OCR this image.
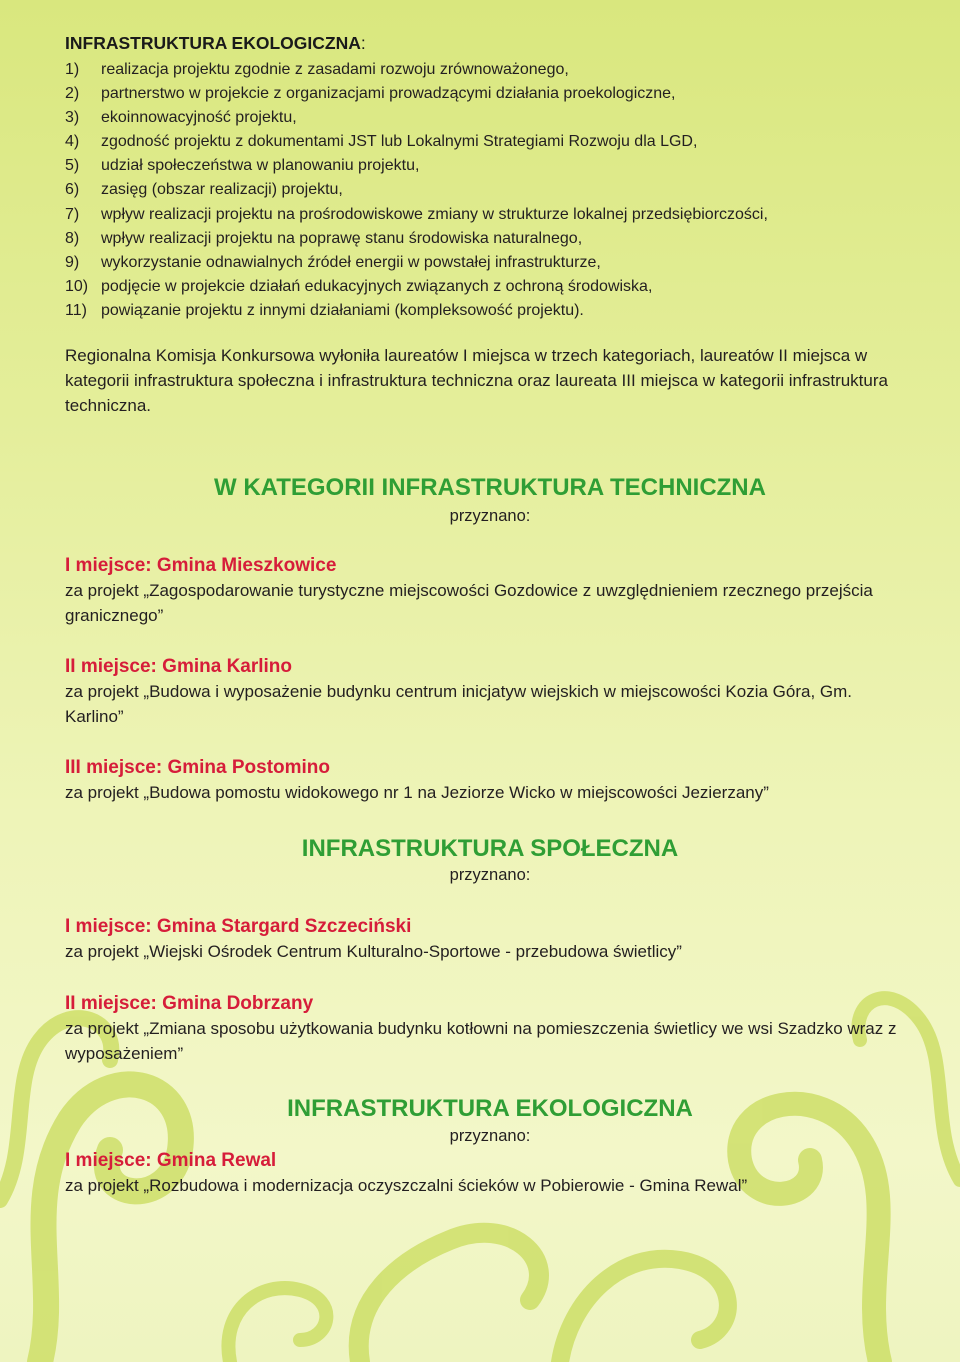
INFRASTRUKTURA EKOLOGICZNA:
1) realizacja projektu zgodnie z zasadami rozwoju zrównoważonego,
2) partnerstwo w projekcie z organizacjami prowadzącymi działania proekologiczne,
3) ekoinnowacyjność projektu,
4) zgodność projektu z dokumentami JST lub Lokalnymi Strategiami Rozwoju dla LGD,
5) udział społeczeństwa w planowaniu projektu,
6) zasięg (obszar realizacji) projektu,
7) wpływ realizacji projektu na prośrodowiskowe zmiany w strukturze lokalnej przedsiębiorczości,
8) wpływ realizacji projektu na poprawę stanu środowiska naturalnego,
9) wykorzystanie odnawialnych źródeł energii w powstałej infrastrukturze,
10) podjęcie w projekcie działań edukacyjnych związanych z ochroną środowiska,
11) powiązanie projektu z innymi działaniami (kompleksowość projektu).

Regionalna Komisja Konkursowa wyłoniła laureatów I miejsca w trzech kategoriach, laureatów II miejsca w kategorii infrastruktura społeczna i infrastruktura techniczna oraz laureata III miejsca w kategorii infrastruktura techniczna.

W KATEGORII INFRASTRUKTURA TECHNICZNA
przyznano:
I miejsce: Gmina Mieszkowice

za projekt „Zagospodarowanie turystyczne miejscowości Gozdowice z uwzględnieniem rzecznego przejścia granicznego”

II miejsce: Gmina Karlino

za projekt „Budowa i wyposażenie budynku centrum inicjatyw wiejskich w miejscowości Kozia Góra, Gm. Karlino”

III miejsce: Gmina Postomino

za projekt „Budowa pomostu widokowego nr 1 na Jeziorze Wicko w miejscowości Jezierzany”

INFRASTRUKTURA SPOŁECZNA
przyznano:
I miejsce: Gmina Stargard Szczeciński

za projekt „Wiejski Ośrodek Centrum Kulturalno-Sportowe - przebudowa świetlicy”

II miejsce: Gmina Dobrzany

za projekt „Zmiana sposobu użytkowania budynku kotłowni na pomieszczenia świetlicy we wsi Szadzko wraz z wyposażeniem”

INFRASTRUKTURA EKOLOGICZNA
przyznano:
I miejsce: Gmina Rewal

za projekt „Rozbudowa i modernizacja oczyszczalni ścieków w Pobierowie - Gmina Rewal”
